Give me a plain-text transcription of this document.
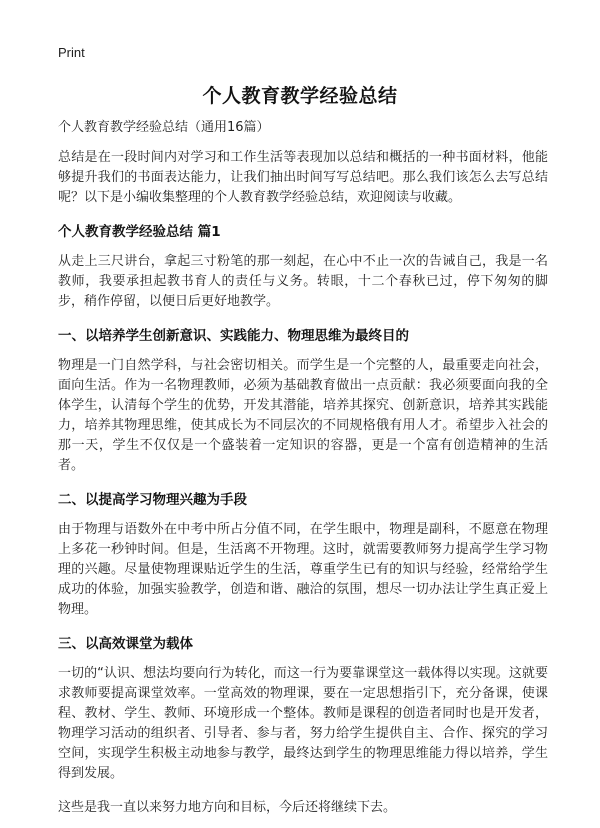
Print
个人教育教学经验总结

个人教育教学经验总结（通用16篇）

总结是在一段时间内对学习和工作生活等表现加以总结和概括的一种书面材料，他能够提升我们的书面表达能力，让我们抽出时间写写总结吧。那么我们该怎么去写总结呢？以下是小编收集整理的个人教育教学经验总结，欢迎阅读与收藏。

个人教育教学经验总结 篇1

从走上三尺讲台，拿起三寸粉笔的那一刻起，在心中不止一次的告诫自己，我是一名教师，我要承担起教书育人的责任与义务。转眼，十二个春秋已过，停下匆匆的脚步，稍作停留，以便日后更好地教学。

一、以培养学生创新意识、实践能力、物理思维为最终目的

物理是一门自然学科，与社会密切相关。而学生是一个完整的人，最重要走向社会，面向生活。作为一名物理教师，必须为基础教育做出一点贡献：我必须要面向我的全体学生，认清每个学生的优势，开发其潜能，培养其探究、创新意识，培养其实践能力，培养其物理思维，使其成长为不同层次的不同规格俄有用人才。希望步入社会的那一天，学生不仅仅是一个盛装着一定知识的容器，更是一个富有创造精神的生活者。

二、以提高学习物理兴趣为手段

由于物理与语数外在中考中所占分值不同，在学生眼中，物理是副科，不愿意在物理上多花一秒钟时间。但是，生活离不开物理。这时，就需要教师努力提高学生学习物理的兴趣。尽量使物理课贴近学生的生活，尊重学生已有的知识与经验，经常给学生成功的体验，加强实验教学，创造和谐、融洽的氛围，想尽一切办法让学生真正爱上物理。

三、以高效课堂为载体

一切的“认识、想法均要向行为转化，而这一行为要靠课堂这一载体得以实现。这就要求教师要提高课堂效率。一堂高效的物理课，要在一定思想指引下，充分备课，使课程、教材、学生、教师、环境形成一个整体。教师是课程的创造者同时也是开发者，物理学习活动的组织者、引导者、参与者，努力给学生提供自主、合作、探究的学习空间，实现学生积极主动地参与教学，最终达到学生的物理思维能力得以培养，学生得到发展。

这些是我一直以来努力地方向和目标，今后还将继续下去。
